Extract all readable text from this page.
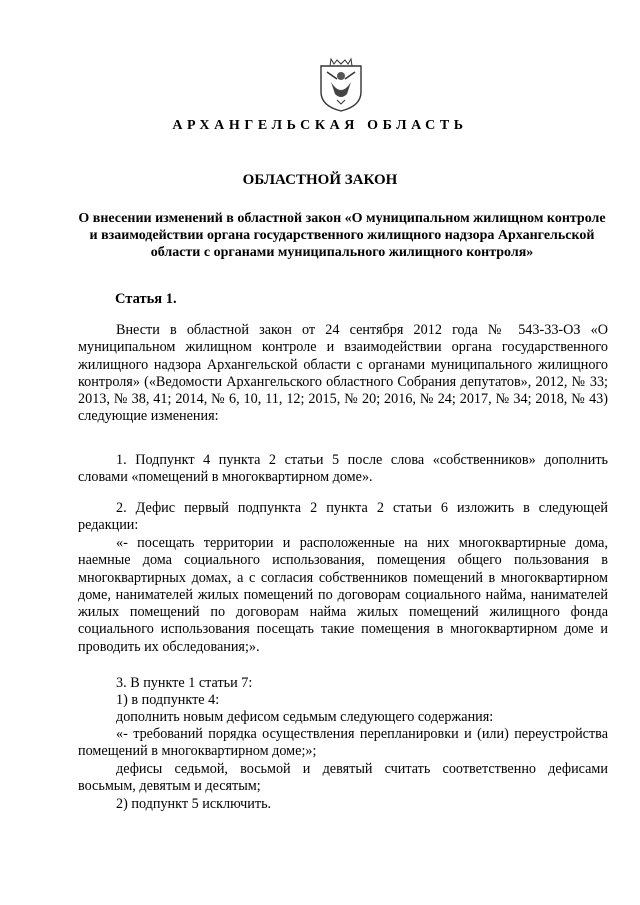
АРХАНГЕЛЬСКАЯ ОБЛАСТЬ
ОБЛАСТНОЙ ЗАКОН
О внесении изменений в областной закон «О муниципальном жилищном контроле и взаимодействии органа государственного жилищного надзора Архангельской области с органами муниципального жилищного контроля»
Статья 1.

Внести в областной закон от 24 сентября 2012 года № 543-33-ОЗ «О муниципальном жилищном контроле и взаимодействии органа государственного жилищного надзора Архангельской области с органами муниципального жилищного контроля» («Ведомости Архангельского областного Собрания депутатов», 2012, № 33; 2013, № 38, 41; 2014, № 6, 10, 11, 12; 2015, № 20; 2016, № 24; 2017, № 34; 2018, № 43) следующие изменения:

1. Подпункт 4 пункта 2 статьи 5 после слова «собственников» дополнить словами «помещений в многоквартирном доме».

2. Дефис первый подпункта 2 пункта 2 статьи 6 изложить в следующей редакции:

«- посещать территории и расположенные на них многоквартирные дома, наемные дома социального использования, помещения общего пользования в многоквартирных домах, а с согласия собственников помещений в многоквартирном доме, нанимателей жилых помещений по договорам социального найма, нанимателей жилых помещений по договорам найма жилых помещений жилищного фонда социального использования посещать такие помещения в многоквартирном доме и проводить их обследования;».

3. В пункте 1 статьи 7:

1) в подпункте 4:

дополнить новым дефисом седьмым следующего содержания:

«- требований порядка осуществления перепланировки и (или) переустройства помещений в многоквартирном доме;»;

дефисы седьмой, восьмой и девятый считать соответственно дефисами восьмым, девятым и десятым;

2) подпункт 5 исключить.
